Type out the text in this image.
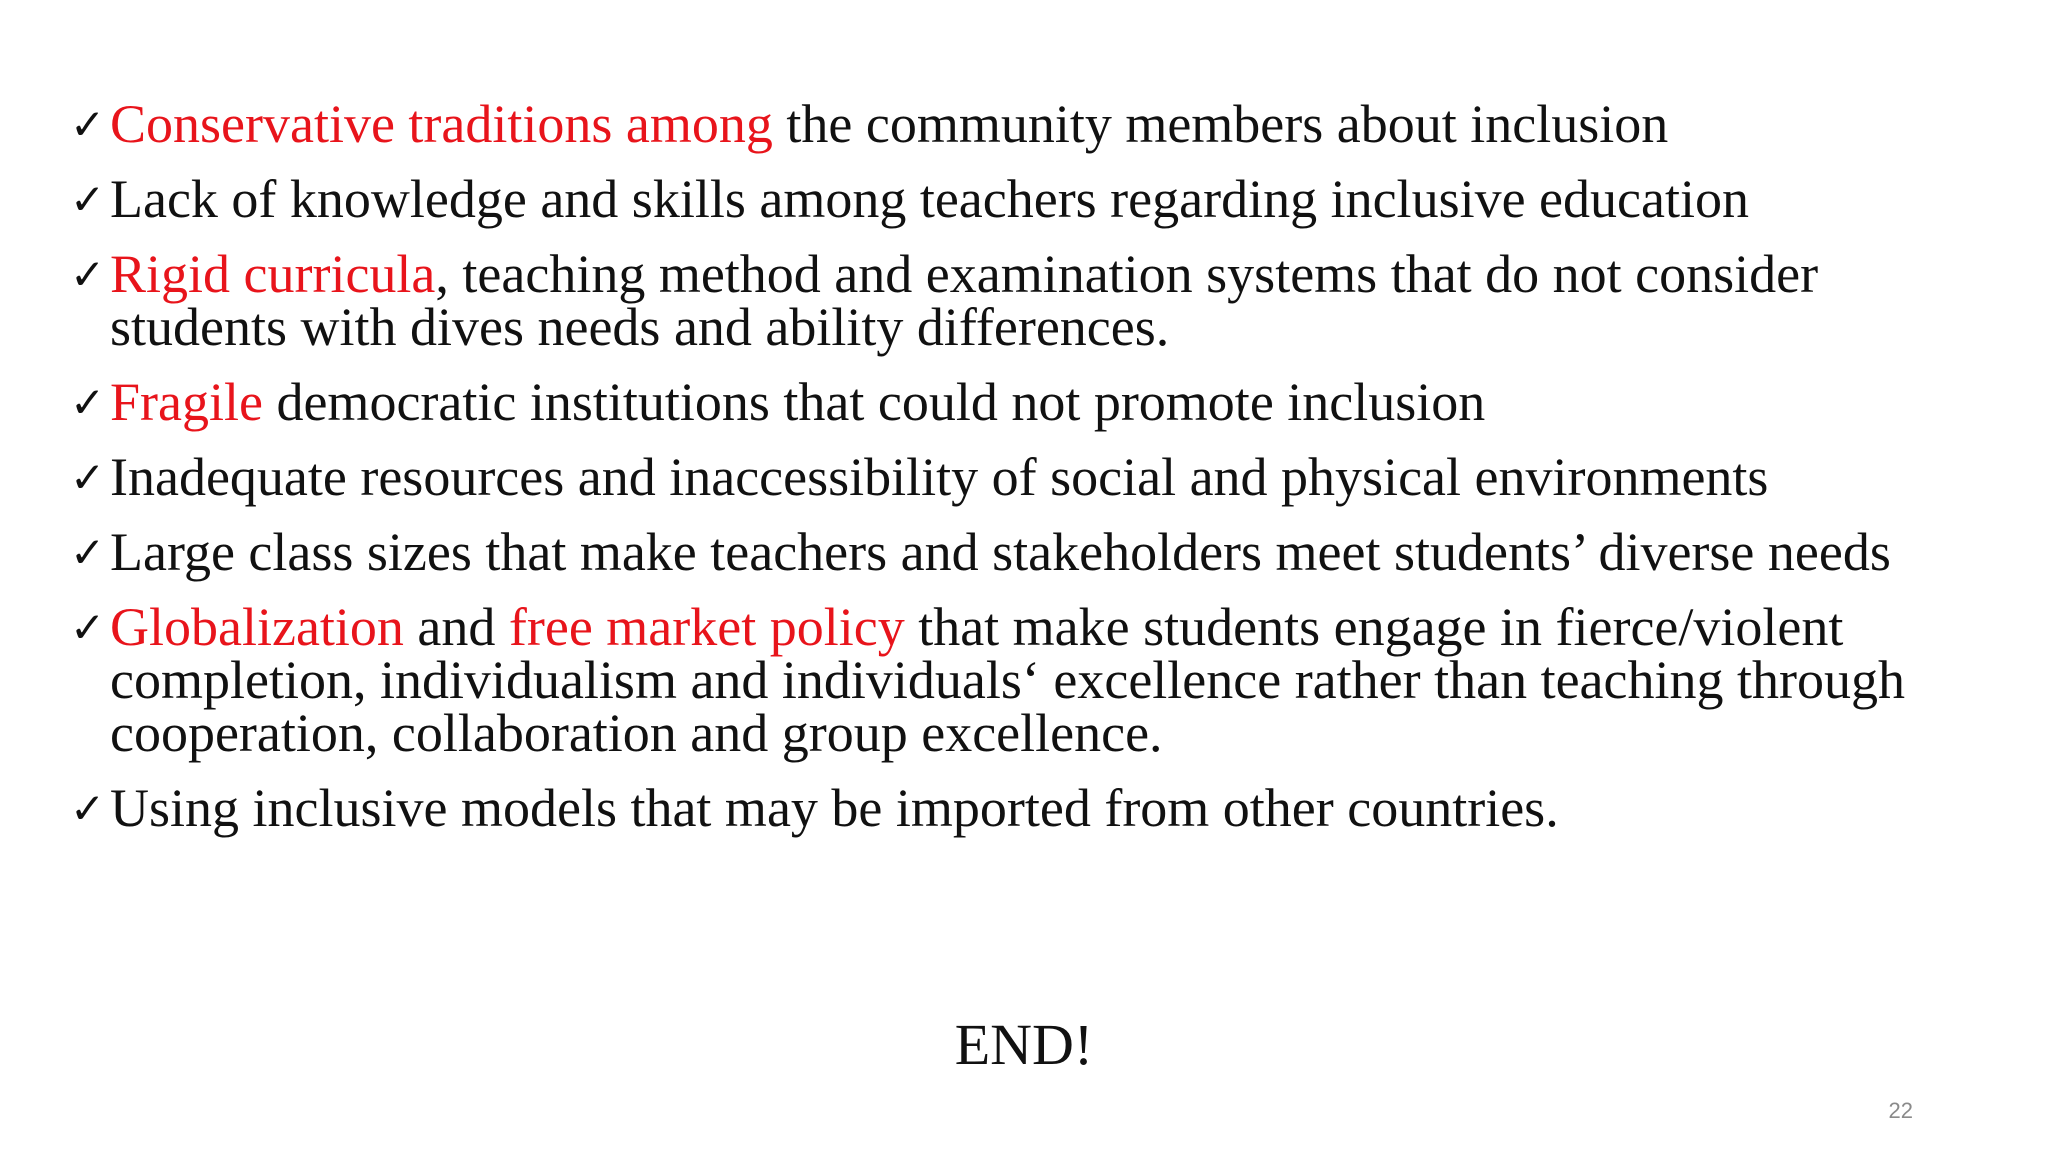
✓ Conservative traditions among the community members about inclusion
✓ Lack of knowledge and skills among teachers regarding inclusive education
✓ Rigid curricula, teaching method and examination systems that do not consider students with dives needs and ability differences.
✓ Fragile democratic institutions that could not promote inclusion
✓ Inadequate resources and inaccessibility of social and physical environments
✓ Large class sizes that make teachers and stakeholders meet students’ diverse needs
✓ Globalization and free market policy that make students engage in fierce/violent completion, individualism and individuals‘ excellence rather than teaching through cooperation, collaboration and group excellence.
✓ Using inclusive models that may be imported from other countries.
END!
22
